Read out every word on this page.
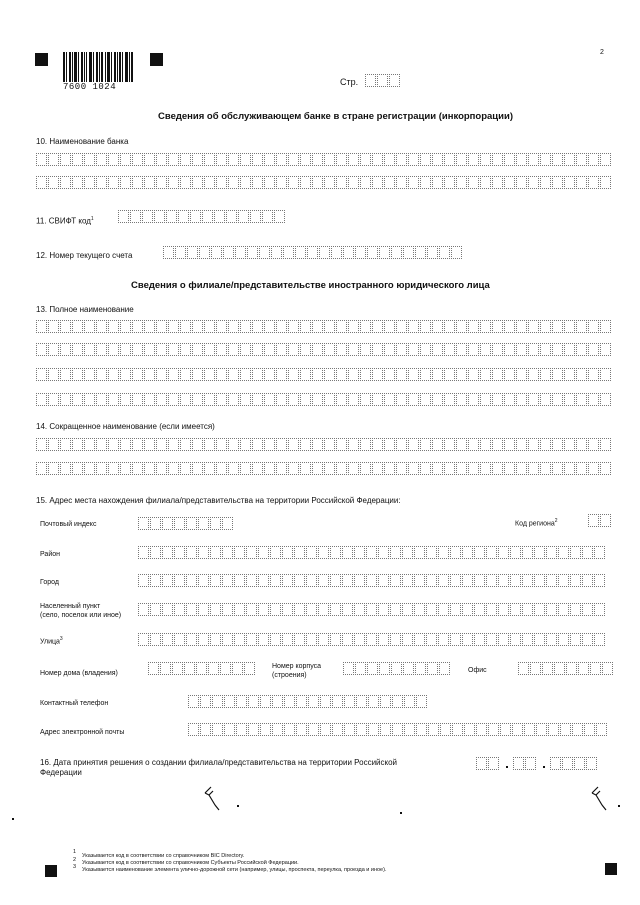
7600 1024
2
Стр.
Сведения об обслуживающем банке в стране регистрации (инкорпорации)
10. Наименование банка
11. СВИФТ код$^1$
12. Номер текущего счета
Сведения о филиале/представительстве иностранного юридического лица
13. Полное наименование
14. Сокращенное наименование (если имеется)
15. Адрес места нахождения филиала/представительства на территории Российской Федерации:
Почтовый индекс	Код региона$^2$
Район
Город
Населенный пункт
(село, поселок или иное)
Улица$^3$
Номер дома (владения)
Номер корпуса
(строения)
Офис
Контактный телефон
Адрес электронной почты
16. Дата принятия решения о создании филиала/представительства на территории Российской
Федерации
1
Указывается код в соответствии со справочником BIC Directory.
2 Указывается код в соответствии со справочником Субъекты Российской Федерации.
3 Указывается наименование элемента улично-дорожной сети (например, улицы, проспекта, переулка, проезда и иное).
